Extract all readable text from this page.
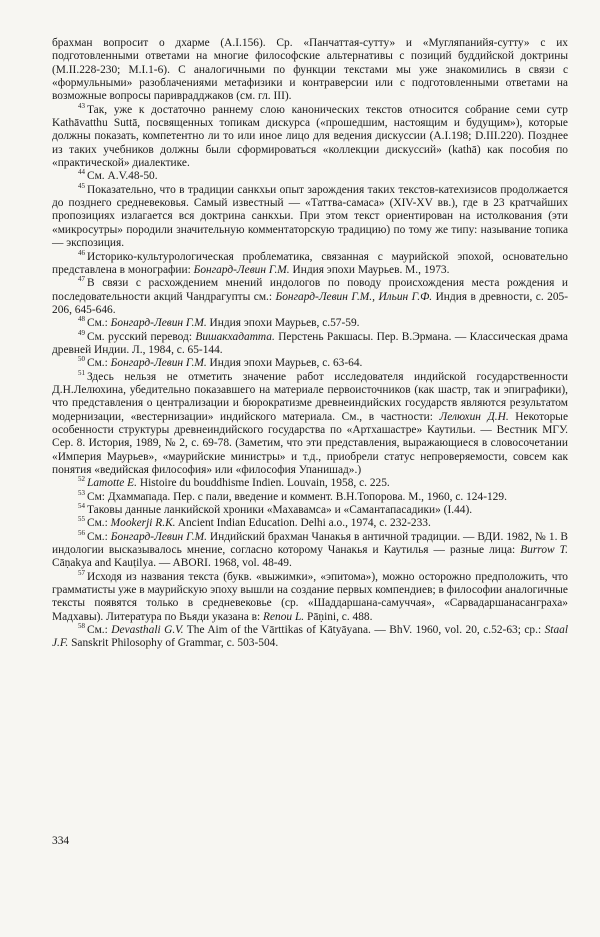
брахман вопросит о дхарме (A.I.156). Ср. «Панчаттая-сутту» и «Мугляпанийя-сутту» с их подготовленными ответами на многие философские альтернативы с позиций буддийской доктрины (M.II.228-230; M.I.1-6). С аналогичными по функции текстами мы уже знакомились в связи с «формульными» разоблачениями метафизики и контраверсии или с подготовленными ответами на возможные вопросы париврадджаков (см. гл. III).

$^{43}$ Так, уже к достаточно раннему слою канонических текстов относится собрание семи сутр Kathāvatthu Suttā, посвященных топикам дискурса («прошедшим, настоящим и будущим»), которые должны показать, компетентно ли то или иное лицо для ведения дискуссии (A.I.198; D.III.220). Позднее из таких учебников должны были сформироваться «коллекции дискуссий» (kathā) как пособия по «практической» диалектике.

$^{44}$ См. A.V.48-50.

$^{45}$ Показательно, что в традиции санкхьи опыт зарождения таких текстов-катехизисов продолжается до позднего средневековья. Самый известный — «Таттва-самаса» (XIV-XV вв.), где в 23 кратчайших пропозициях излагается вся доктрина санкхьи. При этом текст ориентирован на истолкования (эти «микросутры» породили значительную комментаторскую традицию) по тому же типу: называние топика — экспозиция.

$^{46}$ Историко-культурологическая проблематика, связанная с маурийской эпохой, основательно представлена в монографии: Бонгард-Левин Г.М. Индия эпохи Маурьев. М., 1973.

$^{47}$ В связи с расхождением мнений индологов по поводу происхождения места рождения и последовательности акций Чандрагупты см.: Бонгард-Левин Г.М., Ильин Г.Ф. Индия в древности, с. 205-206, 645-646.

$^{48}$ См.: Бонгард-Левин Г.М. Индия эпохи Маурьев, с.57-59.

$^{49}$ См. русский перевод: Вишакхадатта. Перстень Ракшасы. Пер. В.Эрмана. — Классическая драма древней Индии. Л., 1984, с. 65-144.

$^{50}$ См.: Бонгард-Левин Г.М. Индия эпохи Маурьев, с. 63-64.

$^{51}$ Здесь нельзя не отметить значение работ исследователя индийской государственности Д.Н.Лелюхина, убедительно показавшего на материале первоисточников (как шастр, так и эпиграфики), что представления о централизации и бюрократизме древнеиндийских государств являются результатом модернизации, «вестернизации» индийского материала. См., в частности: Лелюхин Д.Н. Некоторые особенности структуры древнеиндийского государства по «Артхашастре» Каутильи. — Вестник МГУ. Сер. 8. История, 1989, № 2, с. 69-78. (Заметим, что эти представления, выражающиеся в словосочетании «Империя Маурьев», «маурийские министры» и т.д., приобрели статус непроверяемости, совсем как понятия «ведийская философия» или «философия Упанишад».)

$^{52}$ Lamotte E. Histoire du bouddhisme Indien. Louvain, 1958, с. 225.

$^{53}$ См: Дхаммапада. Пер. с пали, введение и коммент. В.Н.Топорова. М., 1960, с. 124-129.

$^{54}$ Таковы данные ланкийской хроники «Махавамса» и «Самантапасадики» (I.44).

$^{55}$ См.: Mookerji R.K. Ancient Indian Education. Delhi a.o., 1974, с. 232-233.

$^{56}$ См.: Бонгард-Левин Г.М. Индийский брахман Чанакья в античной традиции. — ВДИ. 1982, № 1. В индологии высказывалось мнение, согласно которому Чанакья и Каутилья — разные лица: Burrow T. Cāṇakya and Kauṭilya. — ABORI. 1968, vol. 48-49.

$^{57}$ Исходя из названия текста (букв. «выжимки», «эпитома»), можно осторожно предположить, что грамматисты уже в маурийскую эпоху вышли на создание первых компендиев; в философии аналогичные тексты появятся только в средневековье (ср. «Шаддаршана-самуччая», «Сарвадаршанасанграха» Мадхавы). Литература по Вьяди указана в: Renou L. Pāṇini, с. 488.

$^{58}$ См.: Devasthali G.V. The Aim of the Vārttikas of Kātyāyana. — BhV. 1960, vol. 20, с.52-63; ср.: Staal J.F. Sanskrit Philosophy of Grammar, с. 503-504.

334
